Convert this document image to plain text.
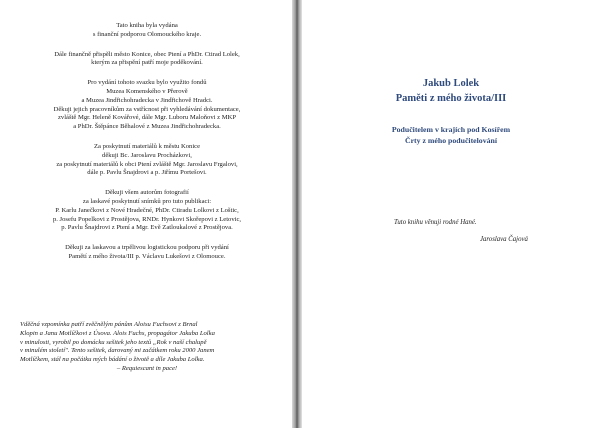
Tato kniha byla vydána
s finanční podporou Olomouckého kraje.
Dále finančně přispěli město Konice, obec Ptení a PhDr. Ctirad Lolek,
kterým za přispění patří moje poděkování.
Pro vydání tohoto svazku bylo využito fondů
Muzea Komenského v Přerově
a Muzea Jindřichohradecka v Jindřichově Hradci.
Děkuji jejich pracovníkům za vstřícnost při vyhledávání dokumentace,
zvláště Mgr. Heleně Kovářové, dále Mgr. Luboru Maloňovi z MKP
a PhDr. Štěpánce Běhalové z Muzea Jindřichohradecka.
Za poskytnutí materiálů k městu Konice
děkuji Bc. Jaroslavu Procházkovi,
za poskytnutí materiálů k obci Ptení zvláště Mgr. Jaroslavu Frgalovi,
dále p. Pavlu Šnajdrovi a p. Jiřímu Portešovi.
Děkuji všem autorům fotografií
za laskavé poskytnutí snímků pro tuto publikaci:
P. Karlu Janečkovi z Nové Hradečné, PhDr. Ctiradu Lolkovi z Loštic,
p. Josefu Popelkovi z Prostějova, RNDr. Hynkovi Skořepovi z Letovic,
p. Pavlu Šnajdrovi z Ptení a Mgr. Evě Zatloukalové z Prostějova.
Děkuji za laskavou a trpělivou logistickou podporu při vydání
Pamětí z mého života/III p. Václavu Lukešovi z Olomouce.
Vděčná vzpomínka patří zvěčnělým pánům Aloisu Fuchsovi z Brnal
Klopin a Janu Motlíčkovi z Úsova. Alois Fuchs, propagátor Jakuba Lolka
v minulosti, vyrobil po domácku sešitek jeho textů „Rok v naší chalupě
v minulém století". Tento sešitek, darovaný mi začátkem roku 2000 Janem
Motlíčkem, stál na počátku mých bádání o životě a díle Jakuba Lolka.
– Requiescant in pace!
Jakub Lolek
Paměti z mého života/III
Podučitelem v krajích pod Kosířem
Črty z mého podučitelování
Tuto knihu věnuji rodné Hané.
Jaroslava Čajová
